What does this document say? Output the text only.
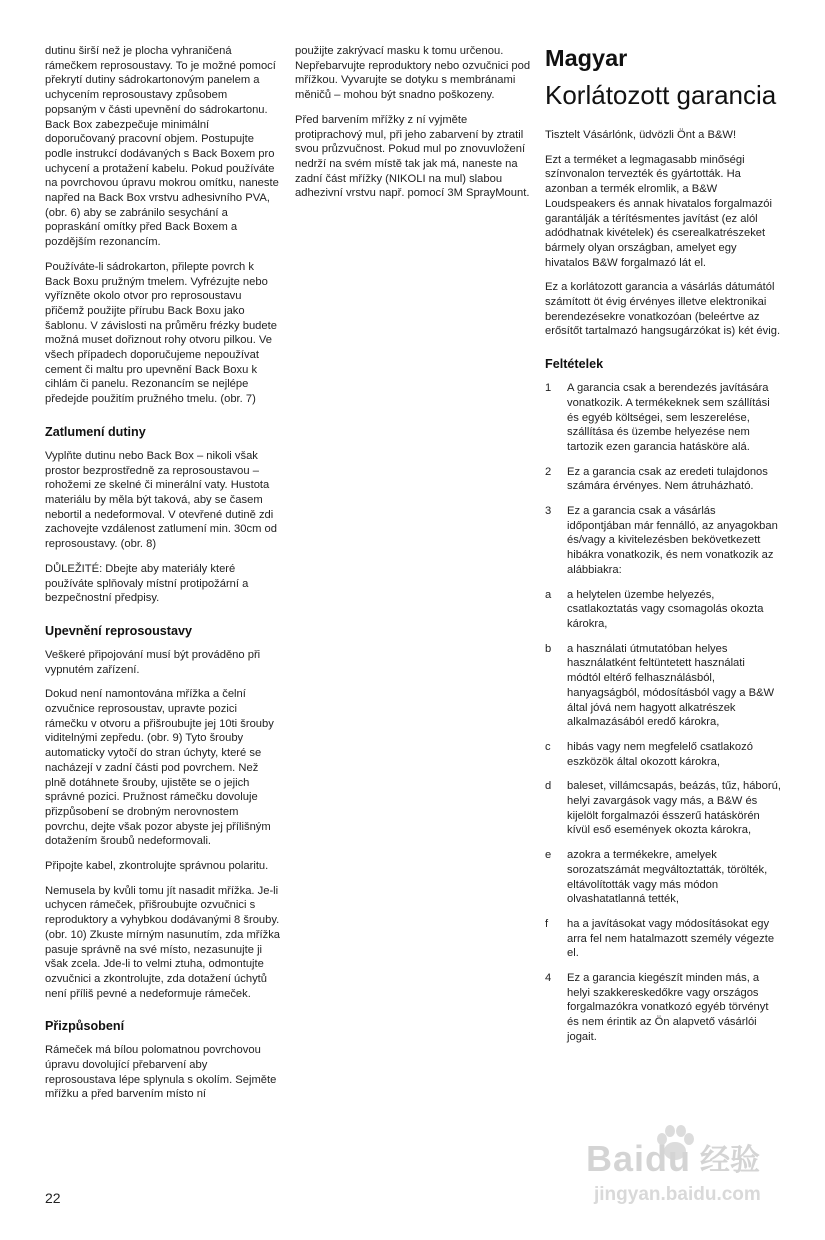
dutinu širší než je plocha vyhraničená rámečkem reprosoustavy. To je možné pomocí překrytí dutiny sádrokartonovým panelem a uchycením reprosoustavy způsobem popsaným v části upevnění do sádrokartonu. Back Box zabezpečuje minimální doporučovaný pracovní objem. Postupujte podle instrukcí dodávaných s Back Boxem pro uchycení a protažení kabelu. Pokud používáte na povrchovou úpravu mokrou omítku, naneste napřed na Back Box vrstvu adhesivního PVA, (obr. 6) aby se zabránilo sesychání a popraskání omítky před Back Boxem a pozdějším rezonancím.

Používáte-li sádrokarton, přilepte povrch k Back Boxu pružným tmelem. Vyfrézujte nebo vyřízněte okolo otvor pro reprosoustavu přičemž použijte přírubu Back Boxu jako šablonu. V závislosti na průměru frézky budete možná muset dořiznout rohy otvoru pilkou. Ve všech případech doporučujeme nepoužívat cement či maltu pro upevnění Back Boxu k cihlám či panelu. Rezonancím se nejlépe předejde použitím pružného tmelu. (obr. 7)

Zatlumení dutiny

Vyplňte dutinu nebo Back Box – nikoli však prostor bezprostředně za reprosoustavou – rohožemi ze skelné či minerální vaty. Hustota materiálu by měla být taková, aby se časem nebortil a nedeformoval. V otevřené dutině zdi zachovejte vzdálenost zatlumení min. 30cm od reprosoustavy. (obr. 8)

DŮLEŽITÉ: Dbejte aby materiály které používáte splňovaly místní protipožární a bezpečnostní předpisy.

Upevnění reprosoustavy

Veškeré připojování musí být prováděno při vypnutém zařízení.

Dokud není namontována mřížka a čelní ozvučnice reprosoustav, upravte pozici rámečku v otvoru a přišroubujte jej 10ti šrouby viditelnými zepředu. (obr. 9) Tyto šrouby automaticky vytočí do stran úchyty, které se nacházejí v zadní části pod povrchem. Než plně dotáhnete šrouby, ujistěte se o jejich správné pozici. Pružnost rámečku dovoluje přizpůsobení se drobným nerovnostem povrchu, dejte však pozor abyste jej přílišným dotažením šroubů nedeformovali.

Připojte kabel, zkontrolujte správnou polaritu.

Nemusela by kvůli tomu jít nasadit mřížka. Je-li uchycen rámeček, přišroubujte ozvučnici s reproduktory a vyhybkou dodávanými 8 šrouby. (obr. 10) Zkuste mírným nasunutím, zda mřížka pasuje správně na své místo, nezasunujte ji však zcela. Jde-li to velmi ztuha, odmontujte ozvučnici a zkontrolujte, zda dotažení úchytů není příliš pevné a nedeformuje rámeček.

Přizpůsobení

Rámeček má bílou polomatnou povrchovou úpravu dovolující přebarvení aby reprosoustava lépe splynula s okolím. Sejměte mřížku a před barvením místo ní

použijte zakrývací masku k tomu určenou. Nepřebarvujte reproduktory nebo ozvučnici pod mřížkou. Vyvarujte se dotyku s membránami měničů – mohou být snadno poškozeny.

Před barvením mřížky z ní vyjměte protiprachový mul, při jeho zabarvení by ztratil svou průzvučnost. Pokud mul po znovuvložení nedrží na svém místě tak jak má, naneste na zadní část mřížky (NIKOLI na mul) slabou adhezivní vrstvu např. pomocí 3M SprayMount.

Magyar
Korlátozott garancia

Tisztelt Vásárlónk, üdvözli Önt a B&W!

Ezt a terméket a legmagasabb minőségi színvonalon tervezték és gyártották. Ha azonban a termék elromlik, a B&W Loudspeakers és annak hivatalos forgalmazói garantálják a térítésmentes javítást (ez alól adódhatnak kivételek) és cserealkatrészeket bármely olyan országban, amelyet egy hivatalos B&W forgalmazó lát el.

Ez a korlátozott garancia a vásárlás dátumától számított öt évig érvényes illetve elektronikai berendezésekre vonatkozóan (beleértve az erősítőt tartalmazó hangsugárzókat is) két évig.

Feltételek
1	A garancia csak a berendezés javítására vonatkozik. A termékeknek sem szállítási és egyéb költségei, sem leszerelése, szállítása és üzembe helyezése nem tartozik ezen garancia hatásköre alá.
2	Ez a garancia csak az eredeti tulajdonos számára érvényes. Nem átruházható.
3	Ez a garancia csak a vásárlás időpontjában már fennálló, az anyagokban és/vagy a kivitelezésben bekövetkezett hibákra vonatkozik, és nem vonatkozik az alábbiakra:
a	a helytelen üzembe helyezés, csatlakoztatás vagy csomagolás okozta károkra,
b	a használati útmutatóban helyes használatként feltüntetett használati módtól eltérő felhasználásból, hanyagságból, módosításból vagy a B&W által jóvá nem hagyott alkatrészek alkalmazásából eredő károkra,
c	hibás vagy nem megfelelő csatlakozó eszközök által okozott károkra,
d	baleset, villámcsapás, beázás, tűz, háború, helyi zavargások vagy más, a B&W és kijelölt forgalmazói ésszerű hatáskörén kívül eső események okozta károkra,
e	azokra a termékekre, amelyek sorozatszámát megváltoztatták, törölték, eltávolították vagy más módon olvashatatlanná tették,
f	ha a javításokat vagy módosításokat egy arra fel nem hatalmazott személy végezte el.
4	Ez a garancia kiegészít minden más, a helyi szakkereskedőkre vagy országos forgalmazókra vonatkozó egyéb törvényt és nem érintik az Ön alapvető vásárlói jogait.
22
Baidu 经验
jingyan.baidu.com
